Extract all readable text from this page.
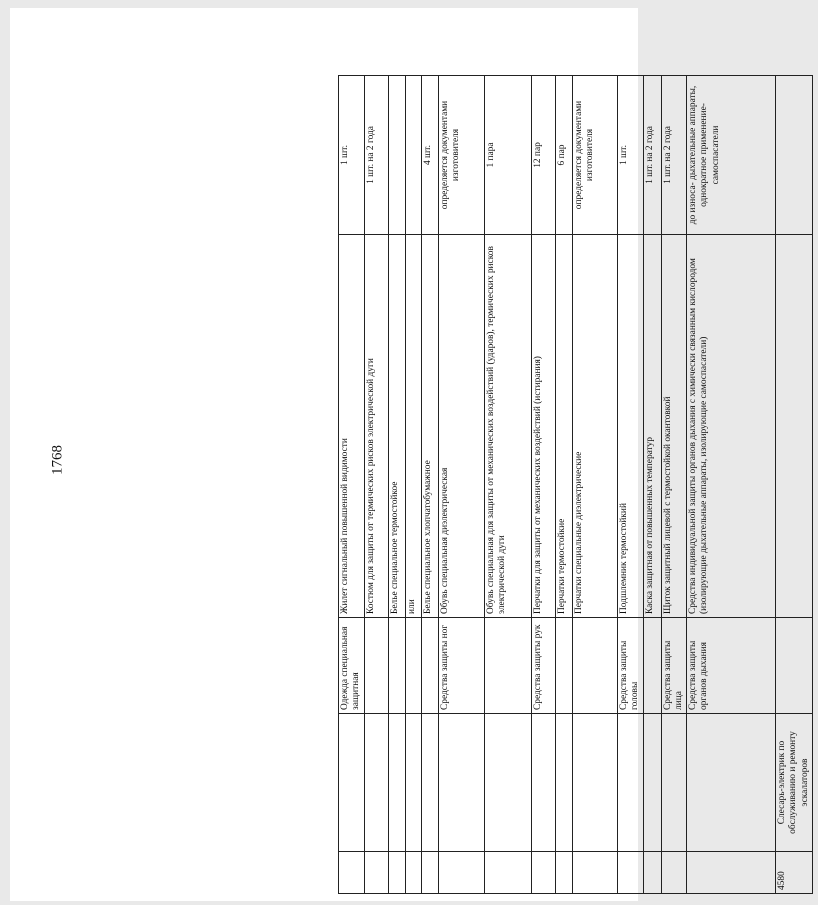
1768
		Одежда специальная защитная	Жилет сигнальный повышенной видимости	1 шт.
			Костюм для защиты от термических рисков электрической дуги	1 шт. на 2 года
			Белье специальное термостойкое	
			или	
			Белье специальное хлопчатобумажное	4 шт.
		Средства защиты ног	Обувь специальная диэлектрическая	определяется документами изготовителя
			Обувь специальная для защиты от механических воздействий (ударов), термических рисков электрической дуги	1 пара
		Средства защиты рук	Перчатки для защиты от механических воздействий (истирания)	12 пар
			Перчатки термостойкие	6 пар
			Перчатки специальные диэлектрические	определяется документами изготовителя
		Средства защиты головы	Подшлемник термостойкий	1 шт.
			Каска защитная от повышенных температур	1 шт. на 2 года
		Средства защиты лица	Щиток защитный лицевой с термостойкой окантовкой	1 шт. на 2 года
		Средства защиты органов дыхания	Средства индивидуальной защиты органов дыхания с химически связанным кислородом (изолирующие дыхательные аппараты, изолирующие самоспасатели)	до износа- дыхательные аппараты, однократное применение- самоспасатели
4580	Слесарь-электрик по обслуживанию и ремонту эскалаторов			
